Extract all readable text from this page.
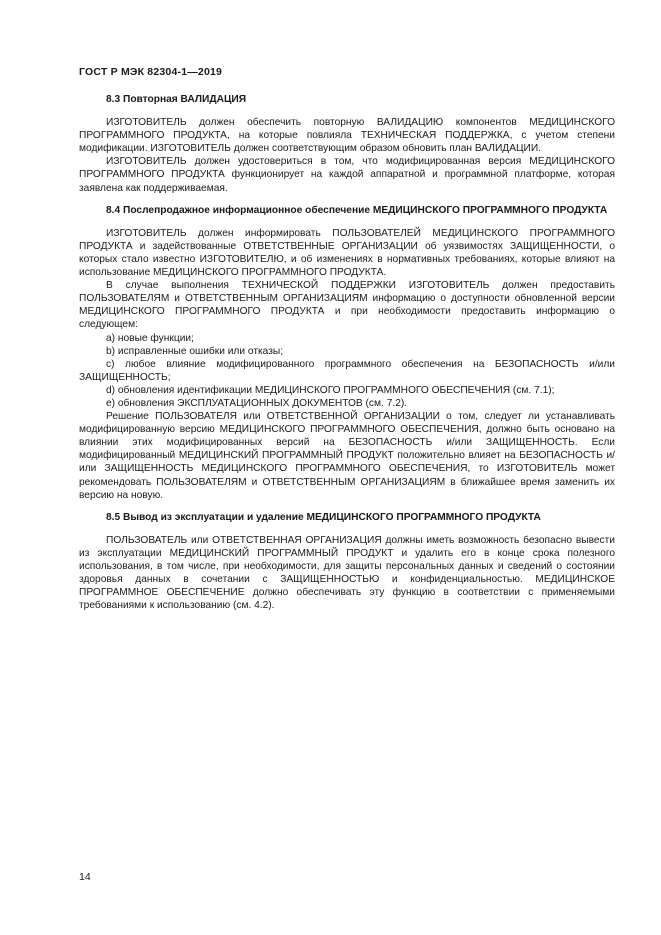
ГОСТ Р МЭК 82304-1—2019
8.3 Повторная ВАЛИДАЦИЯ

ИЗГОТОВИТЕЛЬ должен обеспечить повторную ВАЛИДАЦИЮ компонентов МЕДИЦИНСКОГО ПРОГРАММНОГО ПРОДУКТА, на которые повлияла ТЕХНИЧЕСКАЯ ПОДДЕРЖКА, с учетом степени модификации. ИЗГОТОВИТЕЛЬ должен соответствующим образом обновить план ВАЛИДАЦИИ.

ИЗГОТОВИТЕЛЬ должен удостовериться в том, что модифицированная версия МЕДИЦИНСКОГО ПРОГРАММНОГО ПРОДУКТА функционирует на каждой аппаратной и программной платформе, которая заявлена как поддерживаемая.

8.4 Послепродажное информационное обеспечение МЕДИЦИНСКОГО ПРОГРАММНОГО ПРОДУКТА

ИЗГОТОВИТЕЛЬ должен информировать ПОЛЬЗОВАТЕЛЕЙ МЕДИЦИНСКОГО ПРОГРАММНОГО ПРОДУКТА и задействованные ОТВЕТСТВЕННЫЕ ОРГАНИЗАЦИИ об уязвимостях ЗАЩИЩЕННОСТИ, о которых стало известно ИЗГОТОВИТЕЛЮ, и об изменениях в нормативных требованиях, которые влияют на использование МЕДИЦИНСКОГО ПРОГРАММНОГО ПРОДУКТА.

В случае выполнения ТЕХНИЧЕСКОЙ ПОДДЕРЖКИ ИЗГОТОВИТЕЛЬ должен предоставить ПОЛЬЗОВАТЕЛЯМ и ОТВЕТСТВЕННЫМ ОРГАНИЗАЦИЯМ информацию о доступности обновленной версии МЕДИЦИНСКОГО ПРОГРАММНОГО ПРОДУКТА и при необходимости предоставить информацию о следующем:

a) новые функции;

b) исправленные ошибки или отказы;

c) любое влияние модифицированного программного обеспечения на БЕЗОПАСНОСТЬ и/или ЗАЩИЩЕННОСТЬ;

d) обновления идентификации МЕДИЦИНСКОГО ПРОГРАММНОГО ОБЕСПЕЧЕНИЯ (см. 7.1);

e) обновления ЭКСПЛУАТАЦИОННЫХ ДОКУМЕНТОВ (см. 7.2).

Решение ПОЛЬЗОВАТЕЛЯ или ОТВЕТСТВЕННОЙ ОРГАНИЗАЦИИ о том, следует ли устанавливать модифицированную версию МЕДИЦИНСКОГО ПРОГРАММНОГО ОБЕСПЕЧЕНИЯ, должно быть основано на влиянии этих модифицированных версий на БЕЗОПАСНОСТЬ и/или ЗАЩИЩЕННОСТЬ. Если модифицированный МЕДИЦИНСКИЙ ПРОГРАММНЫЙ ПРОДУКТ положительно влияет на БЕЗОПАСНОСТЬ и/или ЗАЩИЩЕННОСТЬ МЕДИЦИНСКОГО ПРОГРАММНОГО ОБЕСПЕЧЕНИЯ, то ИЗГОТОВИТЕЛЬ может рекомендовать ПОЛЬЗОВАТЕЛЯМ и ОТВЕТСТВЕННЫМ ОРГАНИЗАЦИЯМ в ближайшее время заменить их версию на новую.

8.5 Вывод из эксплуатации и удаление МЕДИЦИНСКОГО ПРОГРАММНОГО ПРОДУКТА

ПОЛЬЗОВАТЕЛЬ или ОТВЕТСТВЕННАЯ ОРГАНИЗАЦИЯ должны иметь возможность безопасно вывести из эксплуатации МЕДИЦИНСКИЙ ПРОГРАММНЫЙ ПРОДУКТ и удалить его в конце срока полезного использования, в том числе, при необходимости, для защиты персональных данных и сведений о состоянии здоровья данных в сочетании с ЗАЩИЩЕННОСТЬЮ и конфиденциальностью. МЕДИЦИНСКОЕ ПРОГРАММНОЕ ОБЕСПЕЧЕНИЕ должно обеспечивать эту функцию в соответствии с применяемыми требованиями к использованию (см. 4.2).

14
